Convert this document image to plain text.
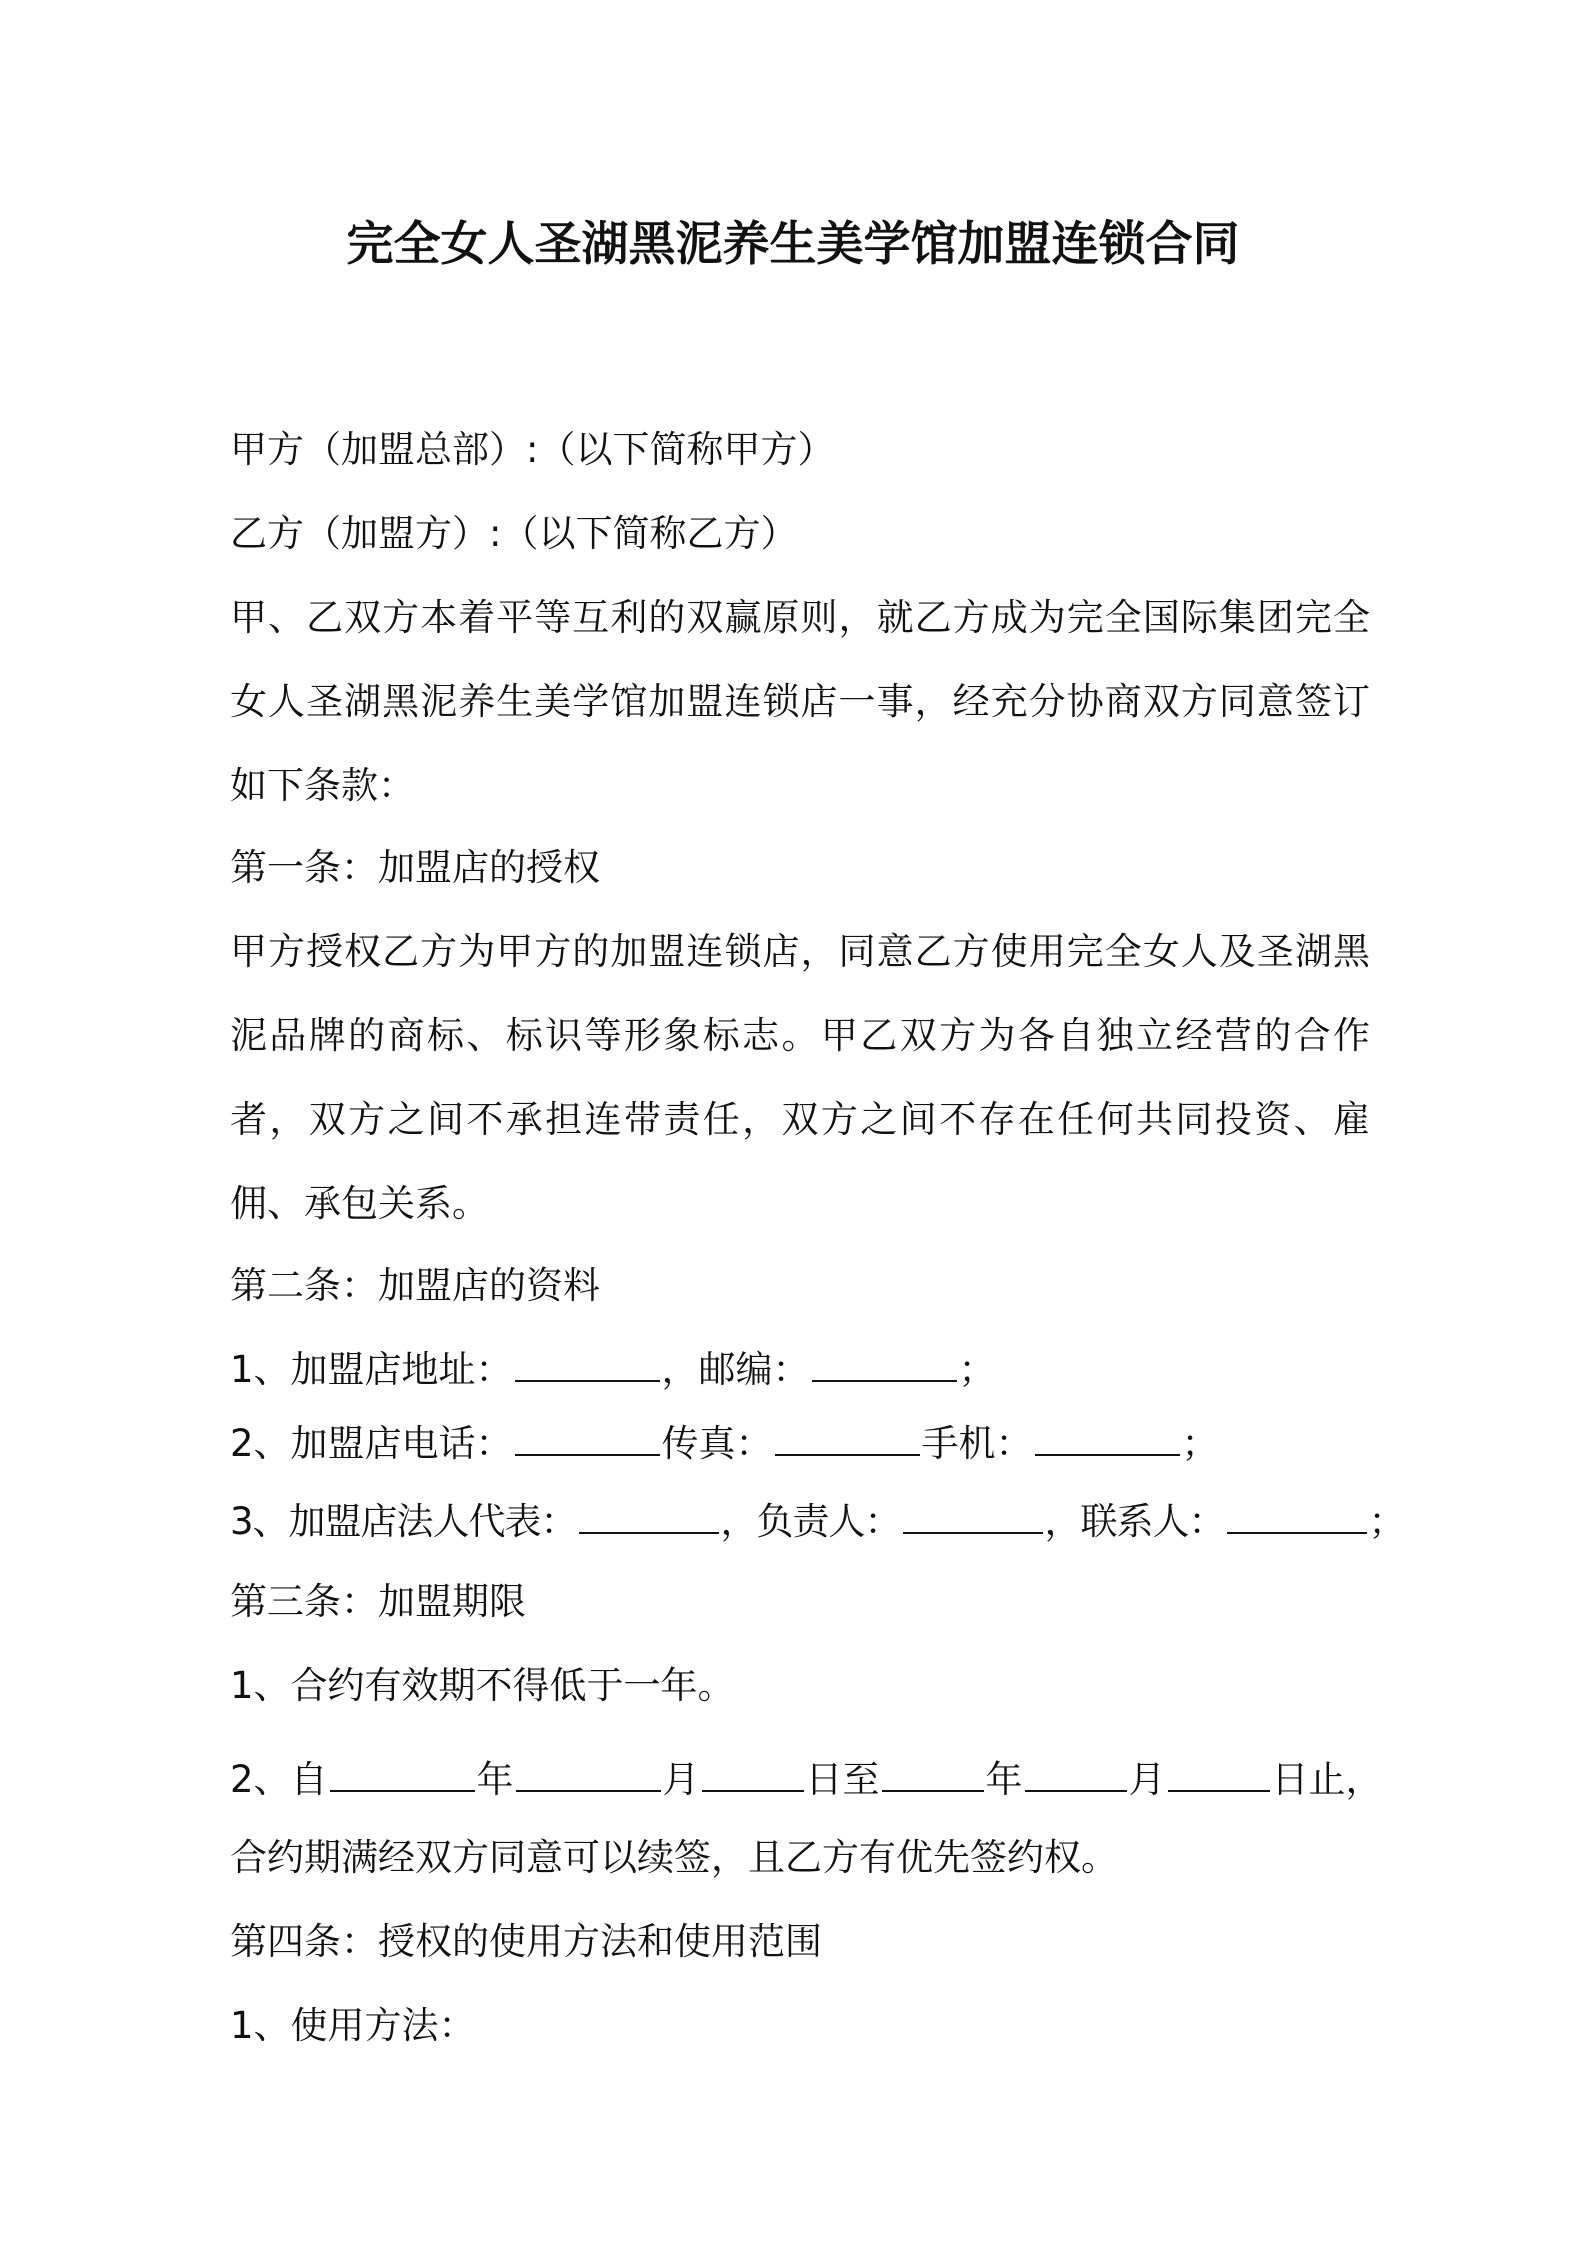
完全女人圣湖黑泥养生美学馆加盟连锁合同
甲方（加盟总部）:（以下简称甲方）
乙方（加盟方）:（以下简称乙方）
甲、乙双方本着平等互利的双赢原则，就乙方成为完全国际集团完全女人圣湖黑泥养生美学馆加盟连锁店一事，经充分协商双方同意签订如下条款：
第一条：加盟店的授权
甲方授权乙方为甲方的加盟连锁店，同意乙方使用完全女人及圣湖黑泥品牌的商标、标识等形象标志。甲乙双方为各自独立经营的合作者，双方之间不承担连带责任，双方之间不存在任何共同投资、雇佣、承包关系。
第二条：加盟店的资料
1、加盟店地址：	，邮编：	；
2、加盟店电话：	传真：	手机：	；
3、加盟店法人代表：	，负责人：	，联系人：	；
第三条：加盟期限
1、合约有效期不得低于一年。
2、自	年	月	日至	年	月	日止，
合约期满经双方同意可以续签，且乙方有优先签约权。
第四条：授权的使用方法和使用范围
1、使用方法：
